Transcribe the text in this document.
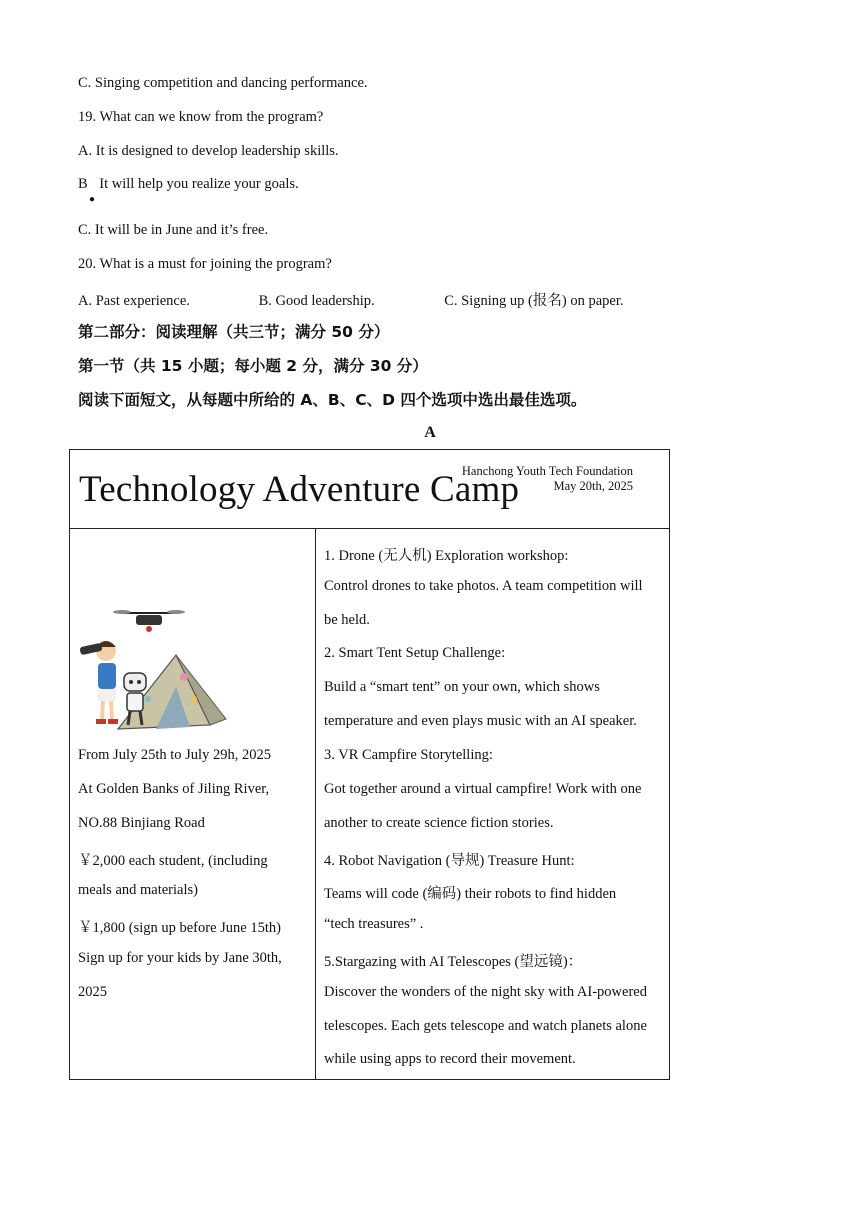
C. Singing competition and dancing performance.
19. What can we know from the program?
A. It is designed to develop leadership skills.
B It will help you realize your goals.
●
C. It will be in June and it’s free.
20. What is a must for joining the program?
A. Past experience.	B. Good leadership.	C. Signing up (报名) on paper.
第二部分：阅读理解（共三节；满分 50 分）
第一节（共 15 小题；每小题 2 分，满分 30 分）
阅读下面短文，从每题中所给的 A、B、C、D 四个选项中选出最佳选项。
A
Technology Adventure Camp
Hanchong Youth Tech Foundation
May 20th, 2025
From July 25th to July 29h, 2025
At Golden Banks of Jiling River,
NO.88 Binjiang Road
￥2,000 each student, (including
meals and materials)
￥1,800 (sign up before June 15th)
Sign up for your kids by Jane 30th,
2025
1. Drone (无人机) Exploration workshop:
Control drones to take photos. A team competition will
be held.
2. Smart Tent Setup Challenge:
Build a “smart tent” on your own, which shows
temperature and even plays music with an AI speaker.
3. VR Campfire Storytelling:
Got together around a virtual campfire! Work with one
another to create science fiction stories.
4. Robot Navigation (导规) Treasure Hunt:
Teams will code (编码) their robots to find hidden
“tech treasures” .
5.Stargazing with AI Telescopes (望远镜)：
Discover the wonders of the night sky with AI-powered
telescopes. Each gets telescope and watch planets alone
while using apps to record their movement.
